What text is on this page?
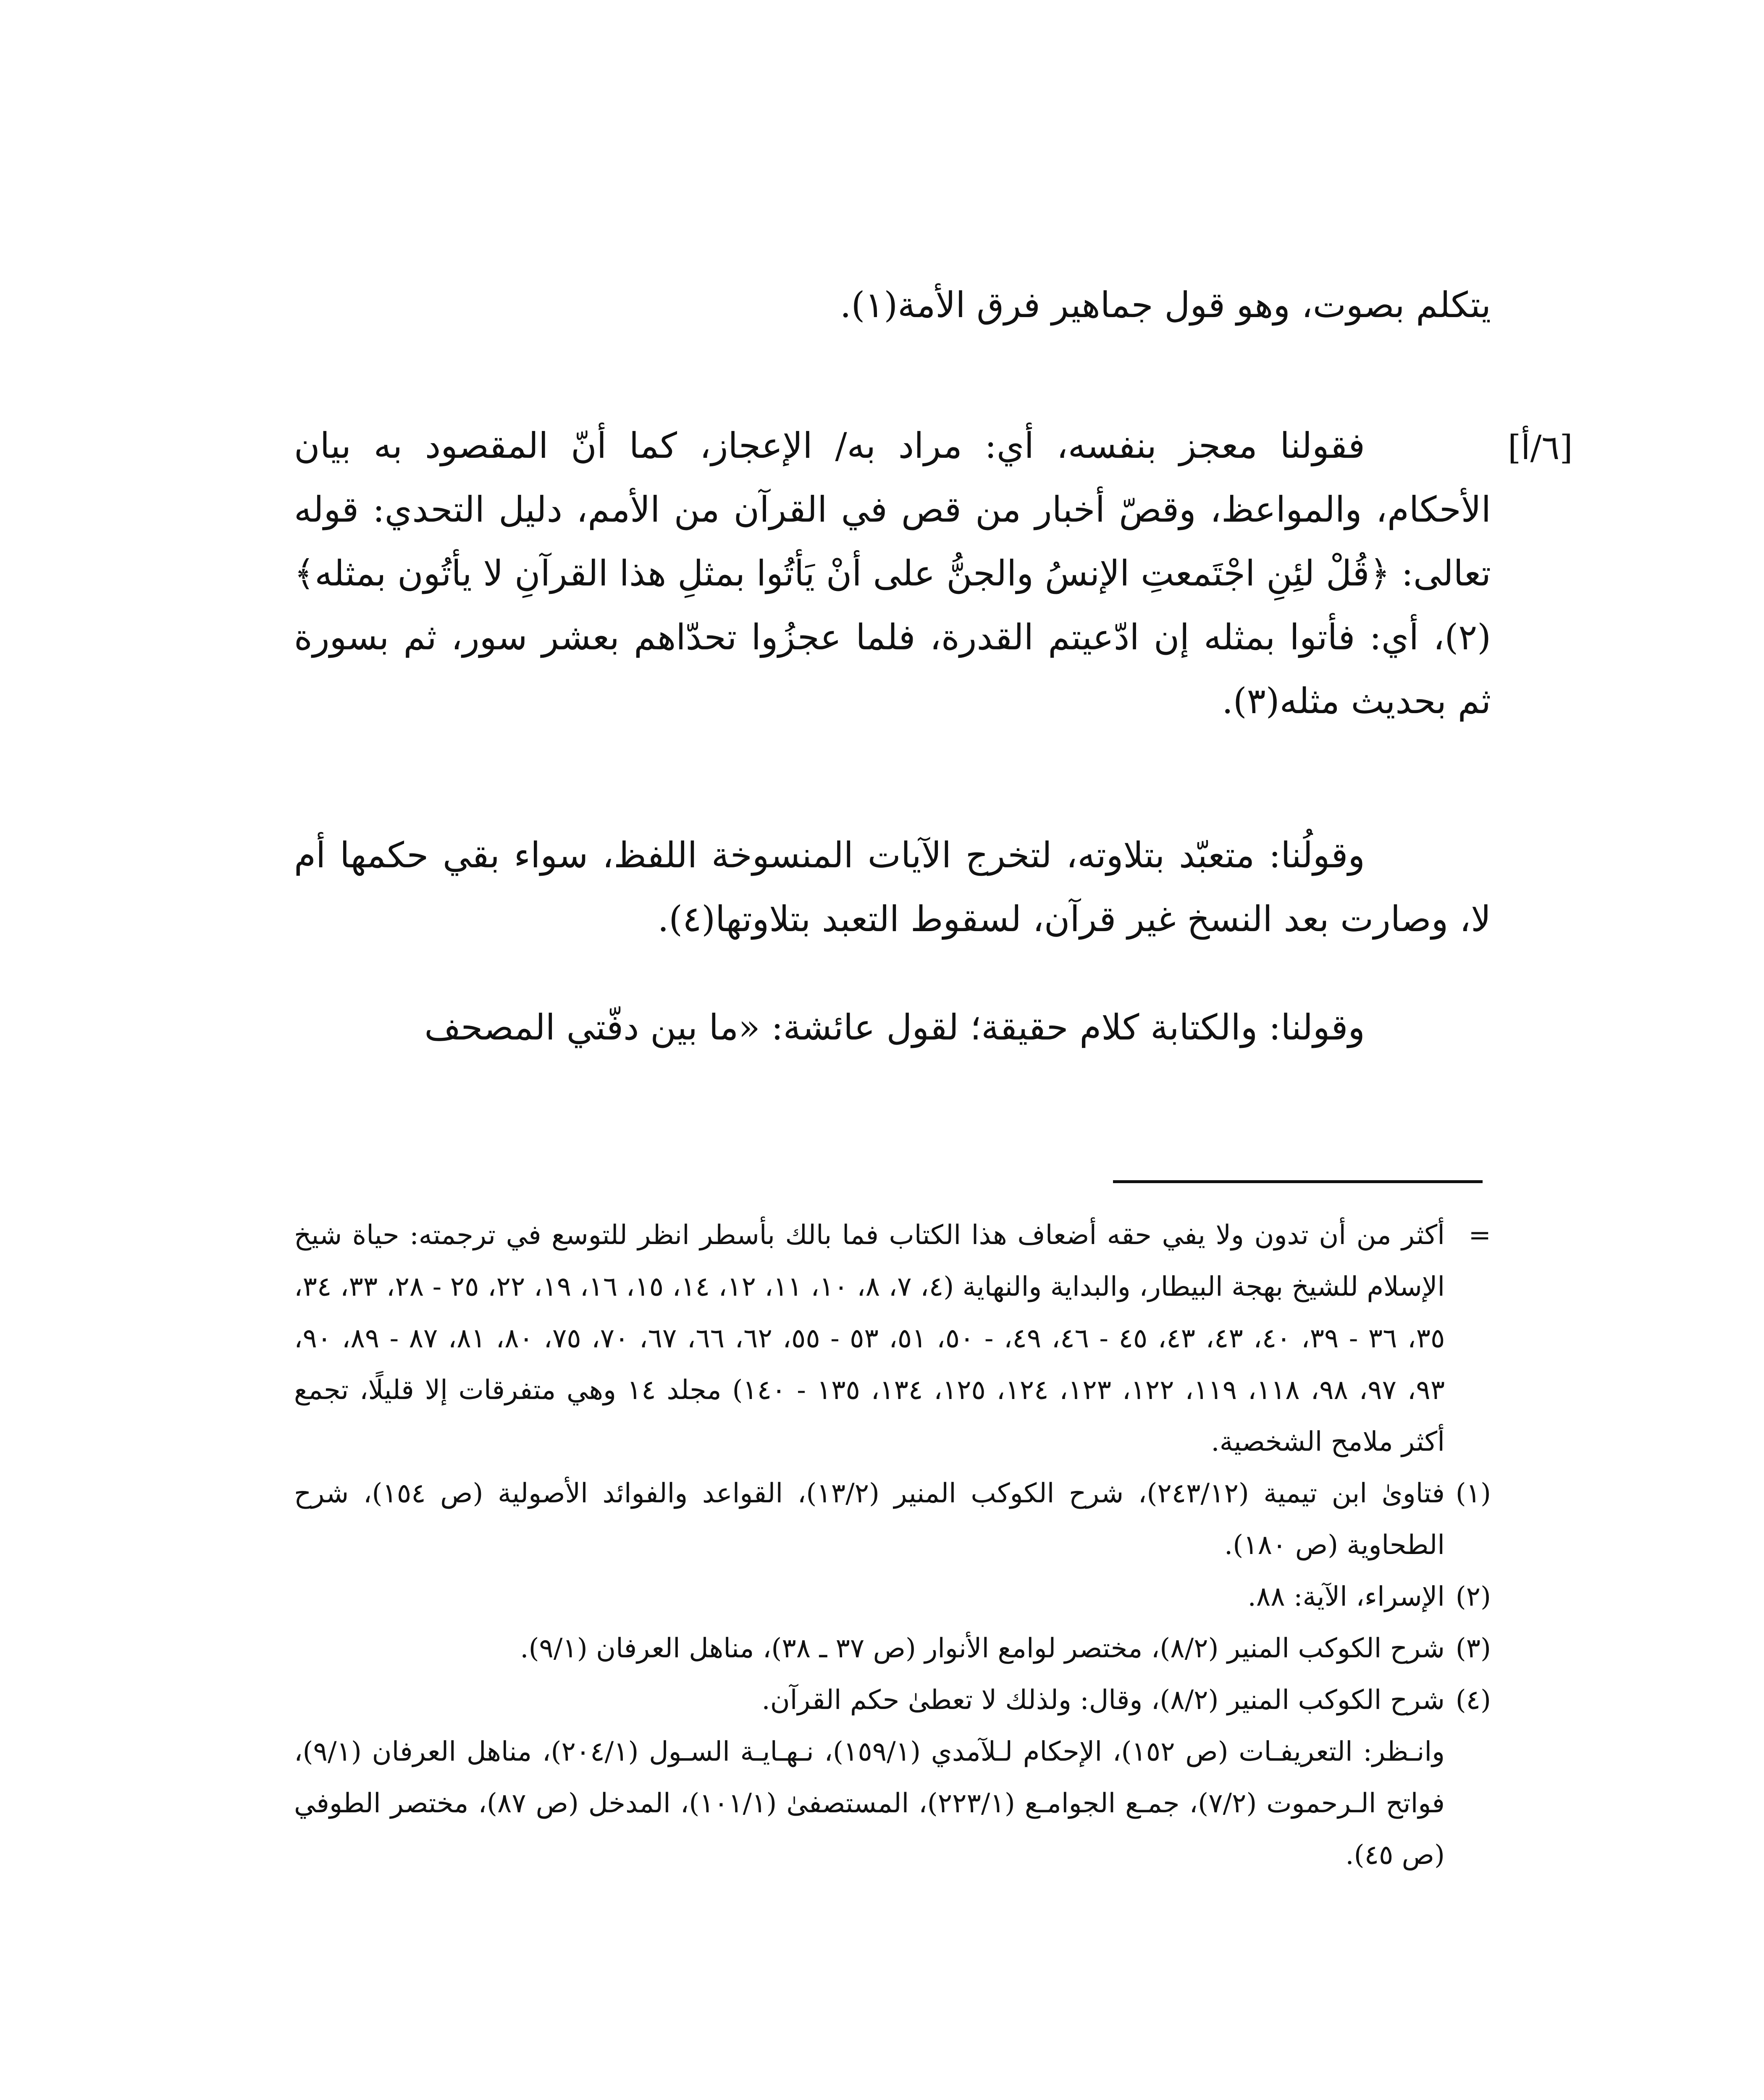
يتكلم بصوت، وهو قول جماهير فرق الأمة(١).

[٦/أ]

فقولنا معجز بنفسه، أي: مراد به/ الإعجاز، كما أنّ المقصود به بيان الأحكام، والمواعظ، وقصّ أخبار من قص في القرآن من الأمم، دليل التحدي: قوله تعالى: ﴿قُلْ لئِنِ اجْتَمعتِ الإنسُ والجنُّ على أنْ يَأتُوا بمثلِ هذا القرآنِ لا يأتُون بمثله﴾(٢)، أي: فأتوا بمثله إن ادّعيتم القدرة، فلما عجزُوا تحدّاهم بعشر سور، ثم بسورة ثم بحديث مثله(٣).

وقولُنا: متعبّد بتلاوته، لتخرج الآيات المنسوخة اللفظ، سواء بقي حكمها أم لا، وصارت بعد النسخ غير قرآن، لسقوط التعبد بتلاوتها(٤).

وقولنا: والكتابة كلام حقيقة؛ لقول عائشة: «ما بين دفّتي المصحف

=
أكثر من أن تدون ولا يفي حقه أضعاف هذا الكتاب فما بالك بأسطر انظر للتوسع في ترجمته: حياة شيخ الإسلام للشيخ بهجة البيطار، والبداية والنهاية (٤، ٧، ٨، ١٠، ١١، ١٢، ١٤، ١٥، ١٦، ١٩، ٢٢، ٢٥ - ٢٨، ٣٣، ٣٤، ٣٥، ٣٦ - ٣٩، ٤٠، ٤٣، ٤٣، ٤٥ - ٤٦، ٤٩، - ٥٠، ٥١، ٥٣ - ٥٥، ٦٢، ٦٦، ٦٧، ٧٠، ٧٥، ٨٠، ٨١، ٨٧ - ٨٩، ٩٠، ٩٣، ٩٧، ٩٨، ١١٨، ١١٩، ١٢٢، ١٢٣، ١٢٤، ١٢٥، ١٣٤، ١٣٥ - ١٤٠) مجلد ١٤ وهي متفرقات إلا قليلًا، تجمع أكثر ملامح الشخصية.

(١)
فتاوىٰ ابن تيمية (٢٤٣/١٢)، شرح الكوكب المنير (١٣/٢)، القواعد والفوائد الأصولية (ص ١٥٤)، شرح الطحاوية (ص ١٨٠).

(٢)
الإسراء، الآية: ٨٨.

(٣)
شرح الكوكب المنير (٨/٢)، مختصر لوامع الأنوار (ص ٣٧ ـ ٣٨)، مناهل العرفان (٩/١).

(٤)
شرح الكوكب المنير (٨/٢)، وقال: ولذلك لا تعطىٰ حكم القرآن.

وانـظر: التعريفـات (ص ١٥٢)، الإحكام لـلآمدي (١٥٩/١)، نـهـايـة السـول (٢٠٤/١)، مناهل العرفان (٩/١)، فواتح الـرحموت (٧/٢)، جمـع الجوامـع (٢٢٣/١)، المستصفىٰ (١٠١/١)، المدخل (ص ٨٧)، مختصر الطوفي (ص ٤٥).
